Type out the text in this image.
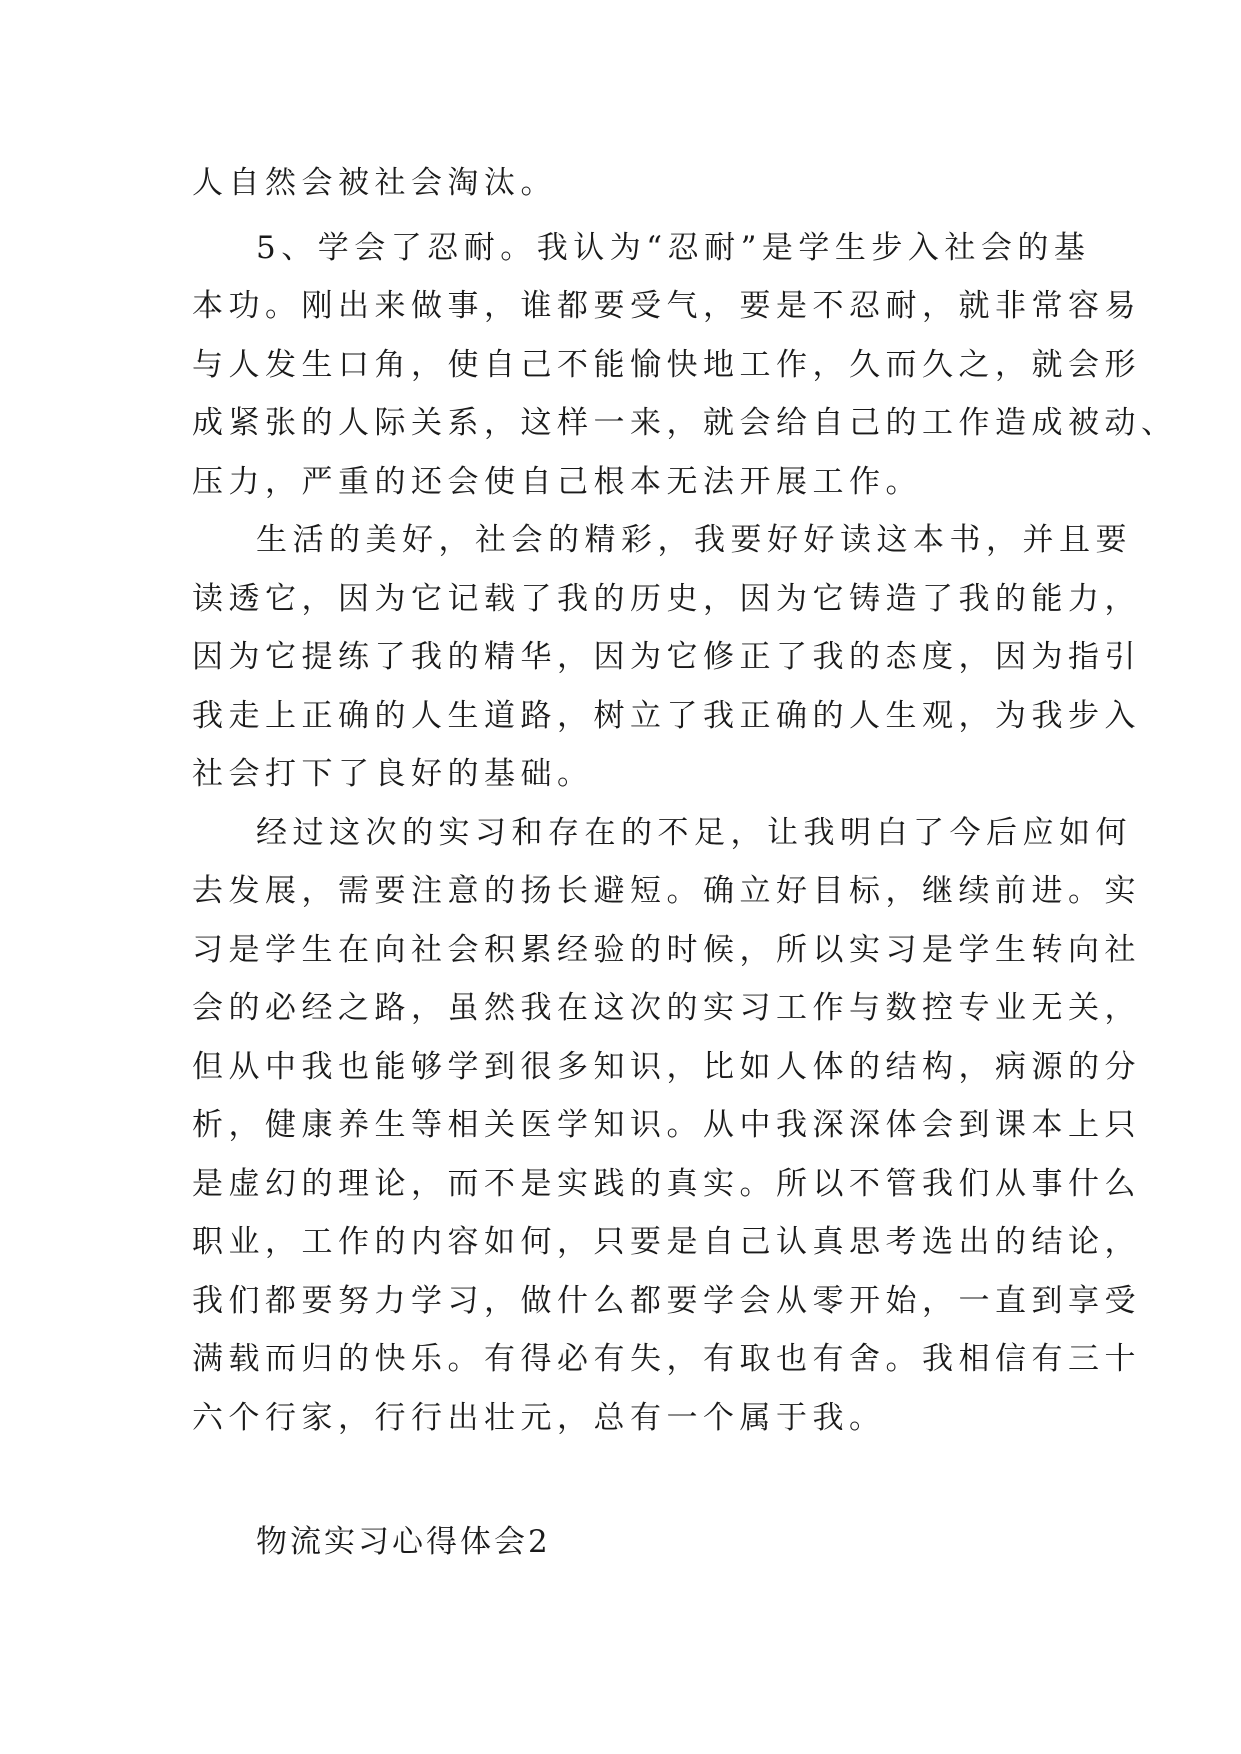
人自然会被社会淘汰。
5、学会了忍耐。我认为“忍耐”是学生步入社会的基
本功。刚出来做事，谁都要受气，要是不忍耐，就非常容易
与人发生口角，使自己不能愉快地工作，久而久之，就会形
成紧张的人际关系，这样一来，就会给自己的工作造成被动、
压力，严重的还会使自己根本无法开展工作。
生活的美好，社会的精彩，我要好好读这本书，并且要
读透它，因为它记载了我的历史，因为它铸造了我的能力，
因为它提练了我的精华，因为它修正了我的态度，因为指引
我走上正确的人生道路，树立了我正确的人生观，为我步入
社会打下了良好的基础。
经过这次的实习和存在的不足，让我明白了今后应如何
去发展，需要注意的扬长避短。确立好目标，继续前进。实
习是学生在向社会积累经验的时候，所以实习是学生转向社
会的必经之路，虽然我在这次的实习工作与数控专业无关，
但从中我也能够学到很多知识，比如人体的结构，病源的分
析，健康养生等相关医学知识。从中我深深体会到课本上只
是虚幻的理论，而不是实践的真实。所以不管我们从事什么
职业，工作的内容如何，只要是自己认真思考选出的结论，
我们都要努力学习，做什么都要学会从零开始，一直到享受
满载而归的快乐。有得必有失，有取也有舍。我相信有三十
六个行家，行行出壮元，总有一个属于我。
物流实习心得体会2
